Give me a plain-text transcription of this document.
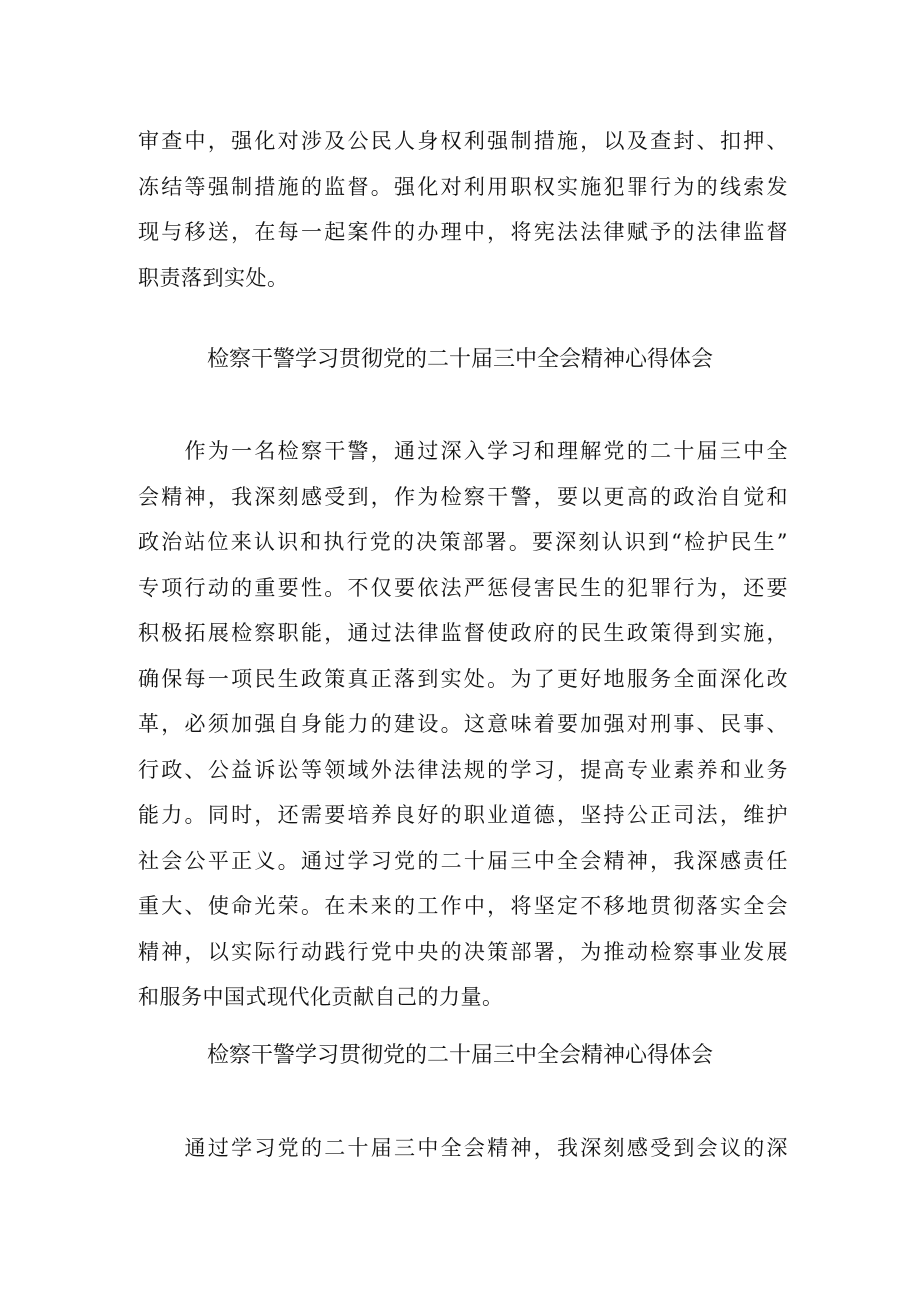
审查中，强化对涉及公民人身权利强制措施，以及查封、扣押、
冻结等强制措施的监督。强化对利用职权实施犯罪行为的线索发
现与移送，在每一起案件的办理中，将宪法法律赋予的法律监督
职责落到实处。
检察干警学习贯彻党的二十届三中全会精神心得体会
　　作为一名检察干警，通过深入学习和理解党的二十届三中全
会精神，我深刻感受到，作为检察干警，要以更高的政治自觉和
政治站位来认识和执行党的决策部署。要深刻认识到“检护民生”
专项行动的重要性。不仅要依法严惩侵害民生的犯罪行为，还要
积极拓展检察职能，通过法律监督使政府的民生政策得到实施，
确保每一项民生政策真正落到实处。为了更好地服务全面深化改
革，必须加强自身能力的建设。这意味着要加强对刑事、民事、
行政、公益诉讼等领域外法律法规的学习，提高专业素养和业务
能力。同时，还需要培养良好的职业道德，坚持公正司法，维护
社会公平正义。通过学习党的二十届三中全会精神，我深感责任
重大、使命光荣。在未来的工作中，将坚定不移地贯彻落实全会
精神，以实际行动践行党中央的决策部署，为推动检察事业发展
和服务中国式现代化贡献自己的力量。
检察干警学习贯彻党的二十届三中全会精神心得体会
　　通过学习党的二十届三中全会精神，我深刻感受到会议的深
